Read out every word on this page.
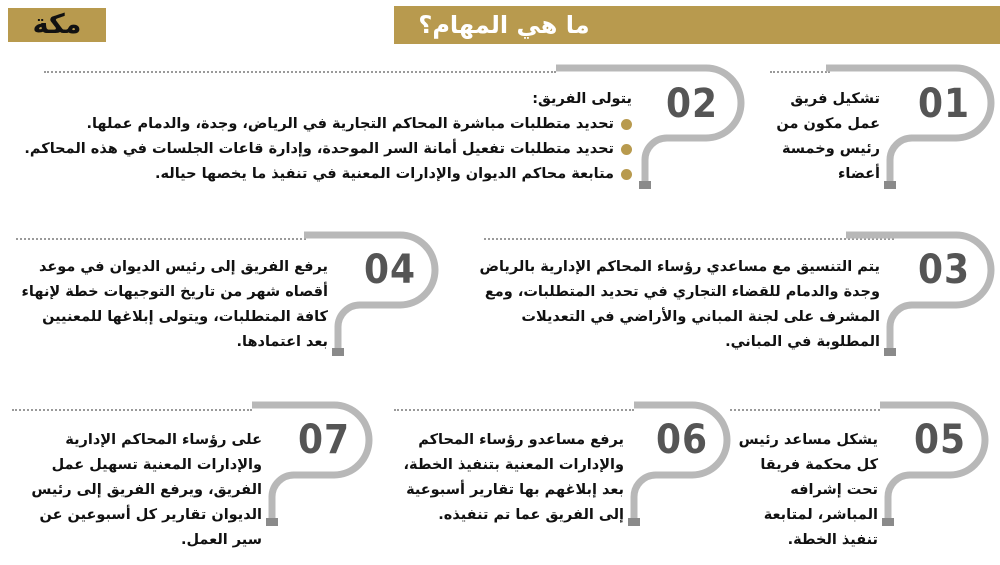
ما هي المهام؟
مكة
01
تشكيل فريق عمل مكون من رئيس وخمسة أعضاء
02
يتولى الفريق:
تحديد متطلبات مباشرة المحاكم التجارية في الرياض، وجدة، والدمام عملها.
تحديد متطلبات تفعيل أمانة السر الموحدة، وإدارة قاعات الجلسات في هذه المحاكم.
متابعة محاكم الديوان والإدارات المعنية في تنفيذ ما يخصها حياله.
03
يتم التنسيق مع مساعدي رؤساء المحاكم الإدارية بالرياض وجدة والدمام للقضاء التجاري في تحديد المتطلبات، ومع المشرف على لجنة المباني والأراضي في التعديلات المطلوبة في المباني.
04
يرفع الفريق إلى رئيس الديوان في موعد أقصاه شهر من تاريخ التوجيهات خطة لإنهاء كافة المتطلبات، ويتولى إبلاغها للمعنيين بعد اعتمادها.
05
يشكل مساعد رئيس كل محكمة فريقا تحت إشرافه المباشر، لمتابعة تنفيذ الخطة.
06
يرفع مساعدو رؤساء المحاكم والإدارات المعنية بتنفيذ الخطة، بعد إبلاغهم بها تقارير أسبوعية إلى الفريق عما تم تنفيذه.
07
على رؤساء المحاكم الإدارية والإدارات المعنية تسهيل عمل الفريق، ويرفع الفريق إلى رئيس الديوان تقارير كل أسبوعين عن سير العمل.
